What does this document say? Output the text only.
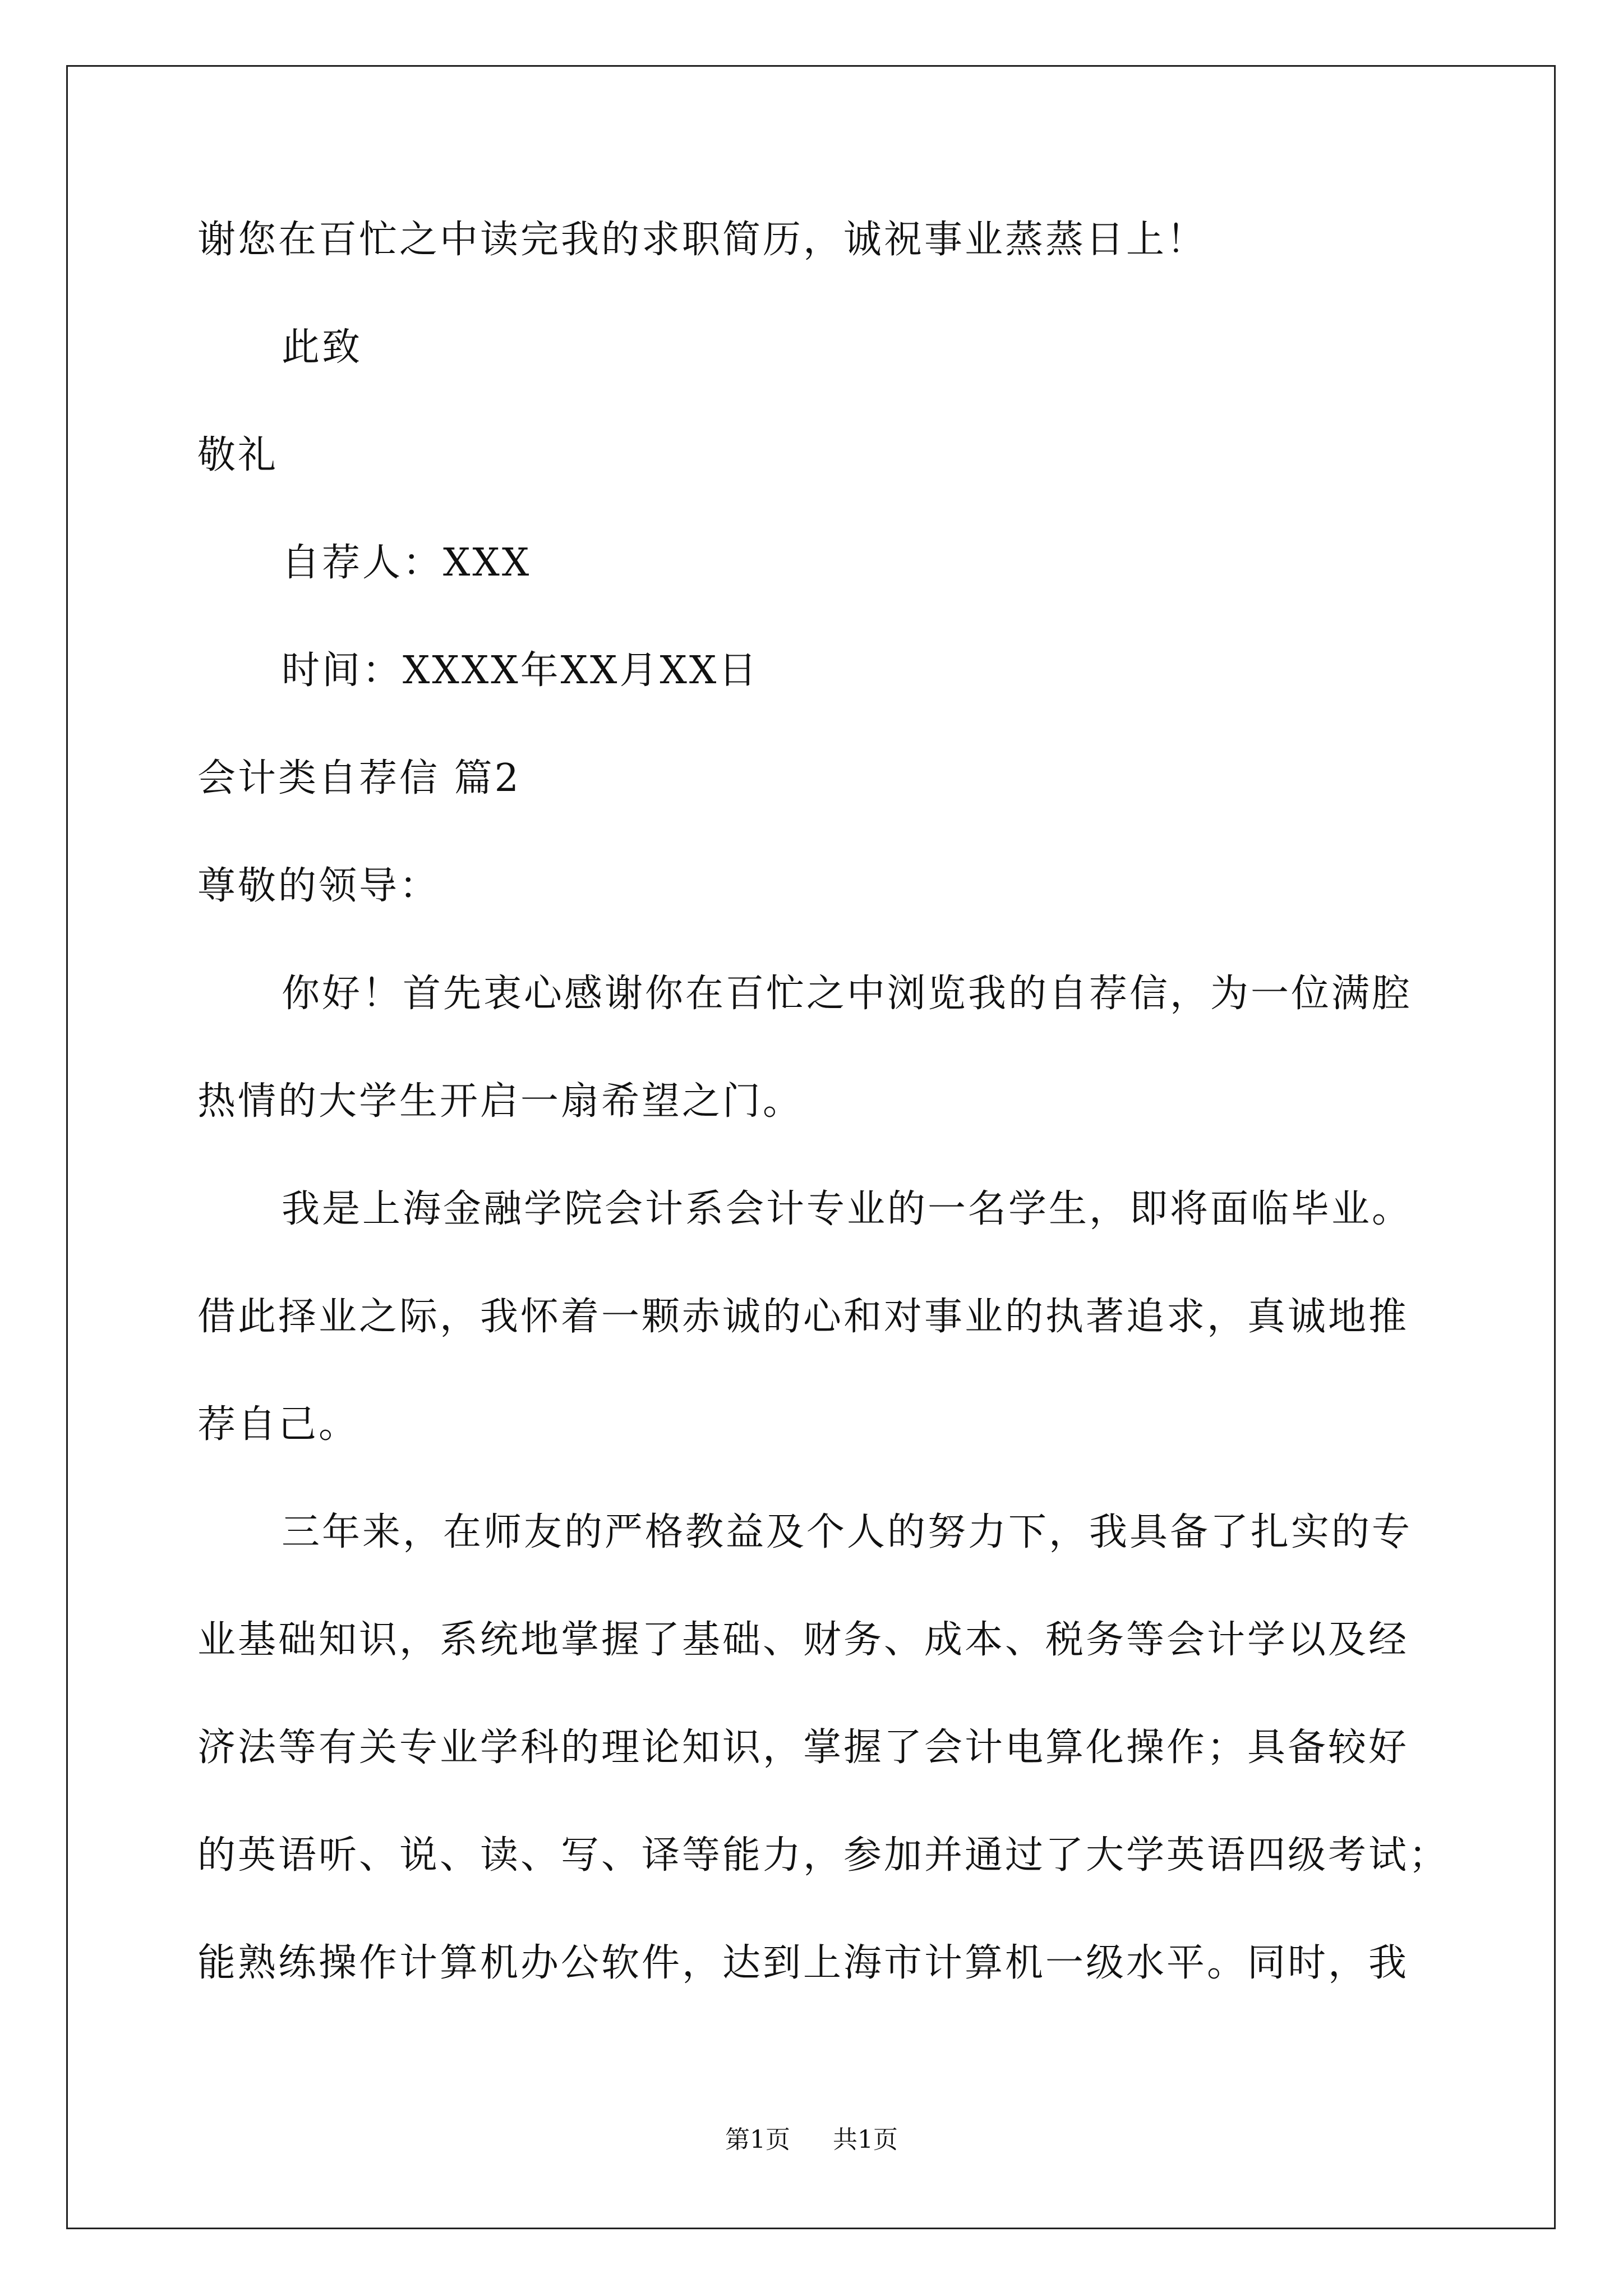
谢您在百忙之中读完我的求职简历，诚祝事业蒸蒸日上！
此致
敬礼
自荐人：XXX
时间：XXXX年XX月XX日
会计类自荐信 篇2
尊敬的领导：
你好！首先衷心感谢你在百忙之中浏览我的自荐信，为一位满腔
热情的大学生开启一扇希望之门。
我是上海金融学院会计系会计专业的一名学生，即将面临毕业。
借此择业之际，我怀着一颗赤诚的心和对事业的执著追求，真诚地推
荐自己。
三年来，在师友的严格教益及个人的努力下，我具备了扎实的专
业基础知识，系统地掌握了基础、财务、成本、税务等会计学以及经
济法等有关专业学科的理论知识，掌握了会计电算化操作；具备较好
的英语听、说、读、写、译等能力，参加并通过了大学英语四级考试；
能熟练操作计算机办公软件，达到上海市计算机一级水平。同时，我
第1页 共1页
